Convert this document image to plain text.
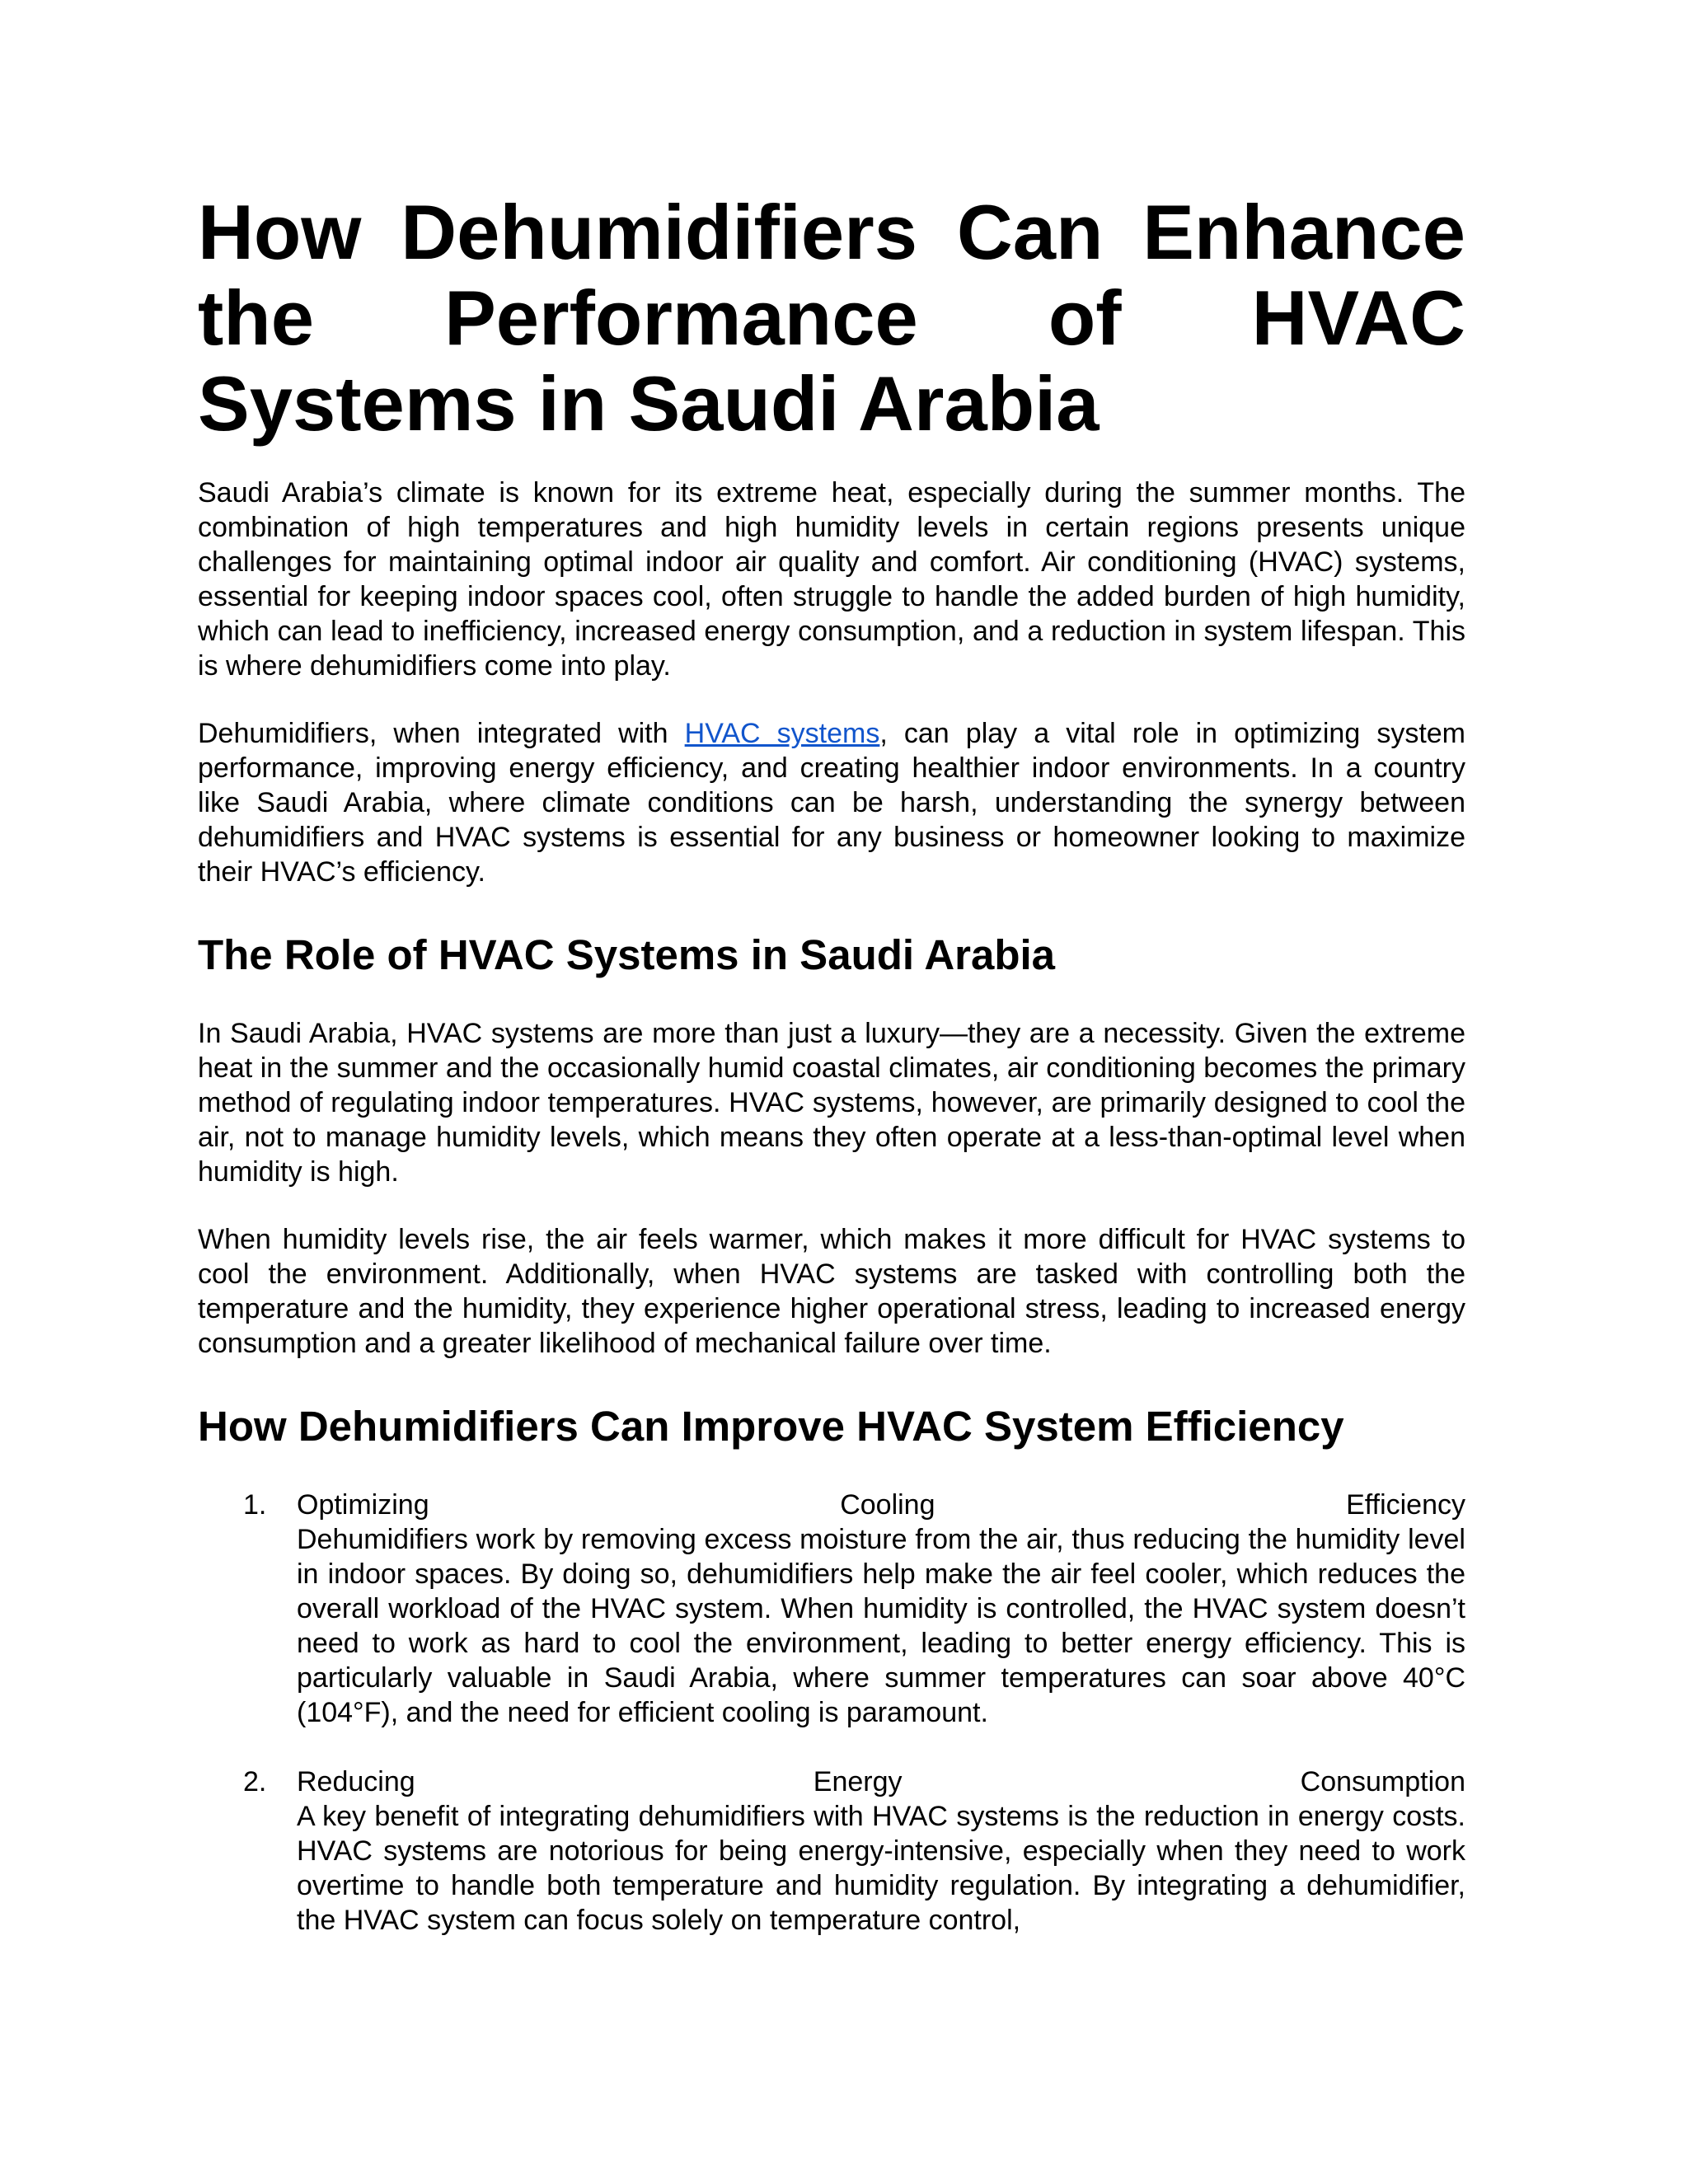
How Dehumidifiers Can Enhance the Performance of HVAC Systems in Saudi Arabia

Saudi Arabia’s climate is known for its extreme heat, especially during the summer months. The combination of high temperatures and high humidity levels in certain regions presents unique challenges for maintaining optimal indoor air quality and comfort. Air conditioning (HVAC) systems, essential for keeping indoor spaces cool, often struggle to handle the added burden of high humidity, which can lead to inefficiency, increased energy consumption, and a reduction in system lifespan. This is where dehumidifiers come into play.

Dehumidifiers, when integrated with HVAC systems, can play a vital role in optimizing system performance, improving energy efficiency, and creating healthier indoor environments. In a country like Saudi Arabia, where climate conditions can be harsh, understanding the synergy between dehumidifiers and HVAC systems is essential for any business or homeowner looking to maximize their HVAC’s efficiency.

The Role of HVAC Systems in Saudi Arabia

In Saudi Arabia, HVAC systems are more than just a luxury—they are a necessity. Given the extreme heat in the summer and the occasionally humid coastal climates, air conditioning becomes the primary method of regulating indoor temperatures. HVAC systems, however, are primarily designed to cool the air, not to manage humidity levels, which means they often operate at a less-than-optimal level when humidity is high.

When humidity levels rise, the air feels warmer, which makes it more difficult for HVAC systems to cool the environment. Additionally, when HVAC systems are tasked with controlling both the temperature and the humidity, they experience higher operational stress, leading to increased energy consumption and a greater likelihood of mechanical failure over time.

How Dehumidifiers Can Improve HVAC System Efficiency
1. Optimizing	Cooling	Efficiency

Dehumidifiers work by removing excess moisture from the air, thus reducing the humidity level in indoor spaces. By doing so, dehumidifiers help make the air feel cooler, which reduces the overall workload of the HVAC system. When humidity is controlled, the HVAC system doesn’t need to work as hard to cool the environment, leading to better energy efficiency. This is particularly valuable in Saudi Arabia, where summer temperatures can soar above 40°C (104°F), and the need for efficient cooling is paramount.

2. Reducing	Energy	Consumption

A key benefit of integrating dehumidifiers with HVAC systems is the reduction in energy costs. HVAC systems are notorious for being energy-intensive, especially when they need to work overtime to handle both temperature and humidity regulation. By integrating a dehumidifier, the HVAC system can focus solely on temperature control,
